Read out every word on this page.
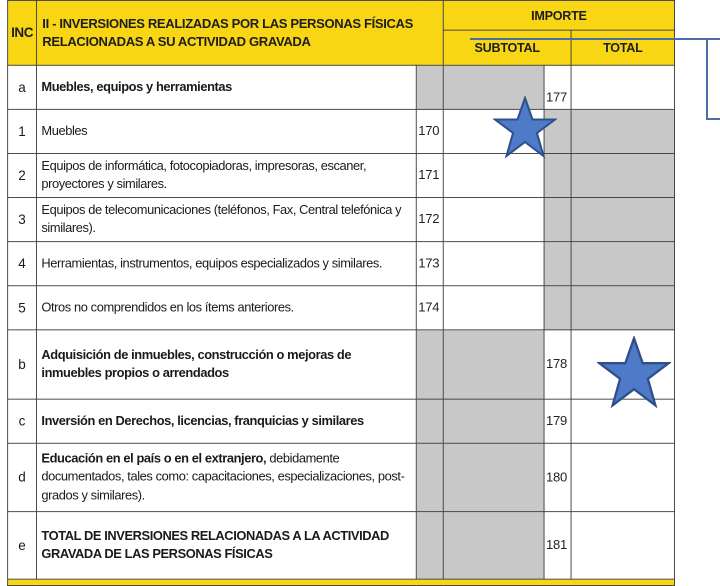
INC	II - INVERSIONES REALIZADAS POR LAS PERSONAS FÍSICAS RELACIONADAS A SU ACTIVIDAD GRAVADA		IMPORTE		
			SUBTOTAL		TOTAL
a	Muebles, equipos y herramientas			177	
1	Muebles	170			
2	Equipos de informática, fotocopiadoras, impresoras, escaner, proyectores y similares.	171			
3	Equipos de telecomunicaciones (teléfonos, Fax, Central telefónica y similares).	172			
4	Herramientas, instrumentos, equipos especializados y similares.	173			
5	Otros no comprendidos en los ítems anteriores.	174			
b	Adquisición de inmuebles, construcción o mejoras de inmuebles propios o arrendados			178	
c	Inversión en Derechos, licencias, franquicias y similares			179	
d	Educación en el país o en el extranjero, debidamente documentados, tales como: capacitaciones, especializaciones, post-grados y similares).			180	
e	TOTAL DE INVERSIONES RELACIONADAS A LA ACTIVIDAD GRAVADA DE LAS PERSONAS FÍSICAS			181	
